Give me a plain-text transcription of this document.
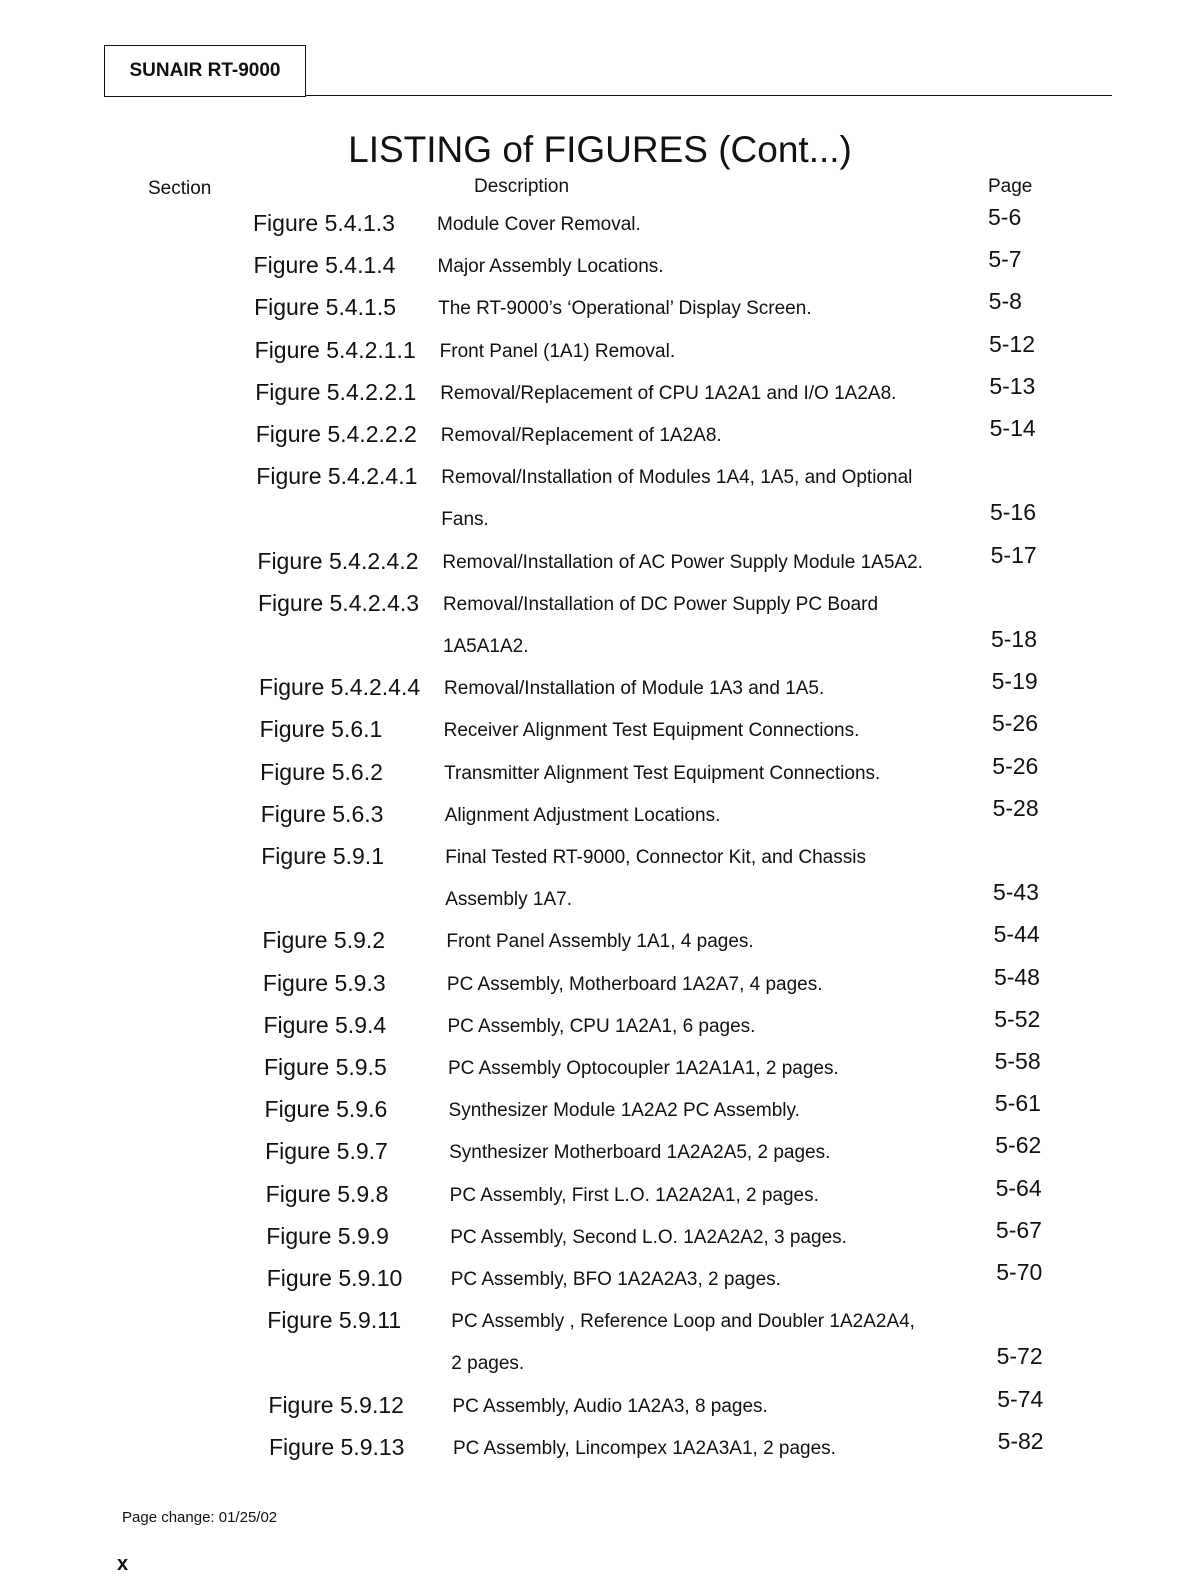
SUNAIR RT-9000
LISTING of FIGURES (Cont...)
Section	Description	Page
Figure 5.4.1.3 Module Cover Removal.	5-6
Figure 5.4.1.4 Major Assembly Locations.	5-7
Figure 5.4.1.5 The RT-9000’s ‘Operational’ Display Screen.	5-8
Figure 5.4.2.1.1 Front Panel (1A1) Removal.	5-12
Figure 5.4.2.2.1 Removal/Replacement of CPU 1A2A1 and I/O 1A2A8.	5-13
Figure 5.4.2.2.2 Removal/Replacement of 1A2A8.	5-14
Figure 5.4.2.4.1 Removal/Installation of Modules 1A4, 1A5, and Optional
Fans.	5-16
Figure 5.4.2.4.2 Removal/Installation of AC Power Supply Module 1A5A2.	5-17
Figure 5.4.2.4.3 Removal/Installation of DC Power Supply PC Board
1A5A1A2.	5-18
Figure 5.4.2.4.4 Removal/Installation of Module 1A3 and 1A5.	5-19
Figure 5.6.1	Receiver Alignment Test Equipment Connections.	5-26
Figure 5.6.2	Transmitter Alignment Test Equipment Connections.	5-26
Figure 5.6.3	Alignment Adjustment Locations.	5-28
Figure 5.9.1	Final Tested RT-9000, Connector Kit, and Chassis
Assembly 1A7.	5-43
Figure 5.9.2	Front Panel Assembly 1A1, 4 pages.	5-44
Figure 5.9.3	PC Assembly, Motherboard 1A2A7, 4 pages.	5-48
Figure 5.9.4	PC Assembly, CPU 1A2A1, 6 pages.	5-52
Figure 5.9.5	PC Assembly Optocoupler 1A2A1A1, 2 pages.	5-58
Figure 5.9.6	Synthesizer Module 1A2A2 PC Assembly.	5-61
Figure 5.9.7	Synthesizer Motherboard 1A2A2A5, 2 pages.	5-62
Figure 5.9.8	PC Assembly, First L.O. 1A2A2A1, 2 pages.	5-64
Figure 5.9.9	PC Assembly, Second L.O. 1A2A2A2, 3 pages.	5-67
Figure 5.9.10	PC Assembly, BFO 1A2A2A3, 2 pages.	5-70
Figure 5.9.11	PC Assembly , Reference Loop and Doubler 1A2A2A4,
2 pages.	5-72
Figure 5.9.12	PC Assembly, Audio 1A2A3, 8 pages.	5-74
Figure 5.9.13	PC Assembly, Lincompex 1A2A3A1, 2 pages.	5-82
Page change: 01/25/02
x
